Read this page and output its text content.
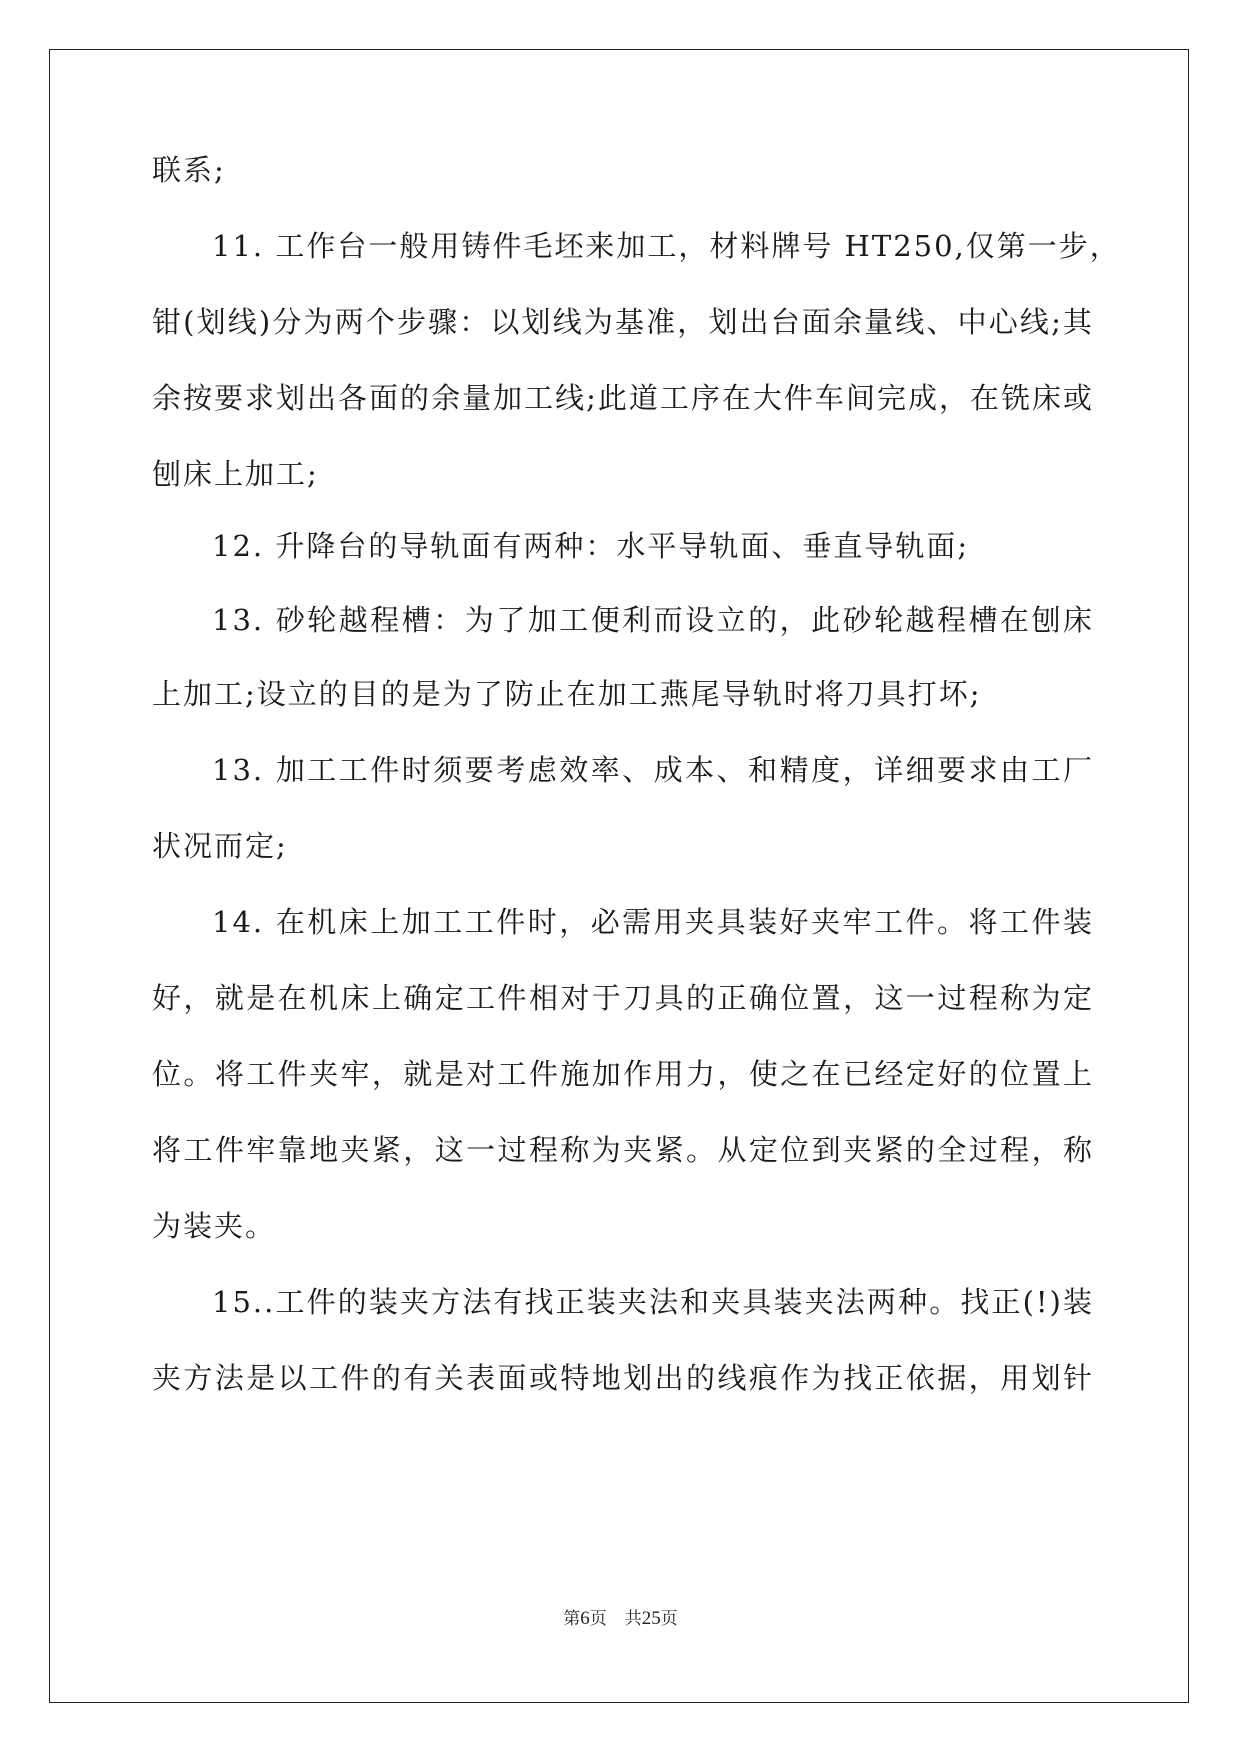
联系;
11. 工作台一般用铸件毛坯来加工，材料牌号 HT250,仅第一步，
钳(划线)分为两个步骤：以划线为基准，划出台面余量线、中心线;其
余按要求划出各面的余量加工线;此道工序在大件车间完成，在铣床或
刨床上加工;
12. 升降台的导轨面有两种：水平导轨面、垂直导轨面;
13. 砂轮越程槽：为了加工便利而设立的，此砂轮越程槽在刨床
上加工;设立的目的是为了防止在加工燕尾导轨时将刀具打坏;
13. 加工工件时须要考虑效率、成本、和精度，详细要求由工厂
状况而定;
14. 在机床上加工工件时，必需用夹具装好夹牢工件。将工件装
好，就是在机床上确定工件相对于刀具的正确位置，这一过程称为定
位。将工件夹牢，就是对工件施加作用力，使之在已经定好的位置上
将工件牢靠地夹紧，这一过程称为夹紧。从定位到夹紧的全过程，称
为装夹。
15..工件的装夹方法有找正装夹法和夹具装夹法两种。找正(!)装
夹方法是以工件的有关表面或特地划出的线痕作为找正依据，用划针
第6页 共25页
